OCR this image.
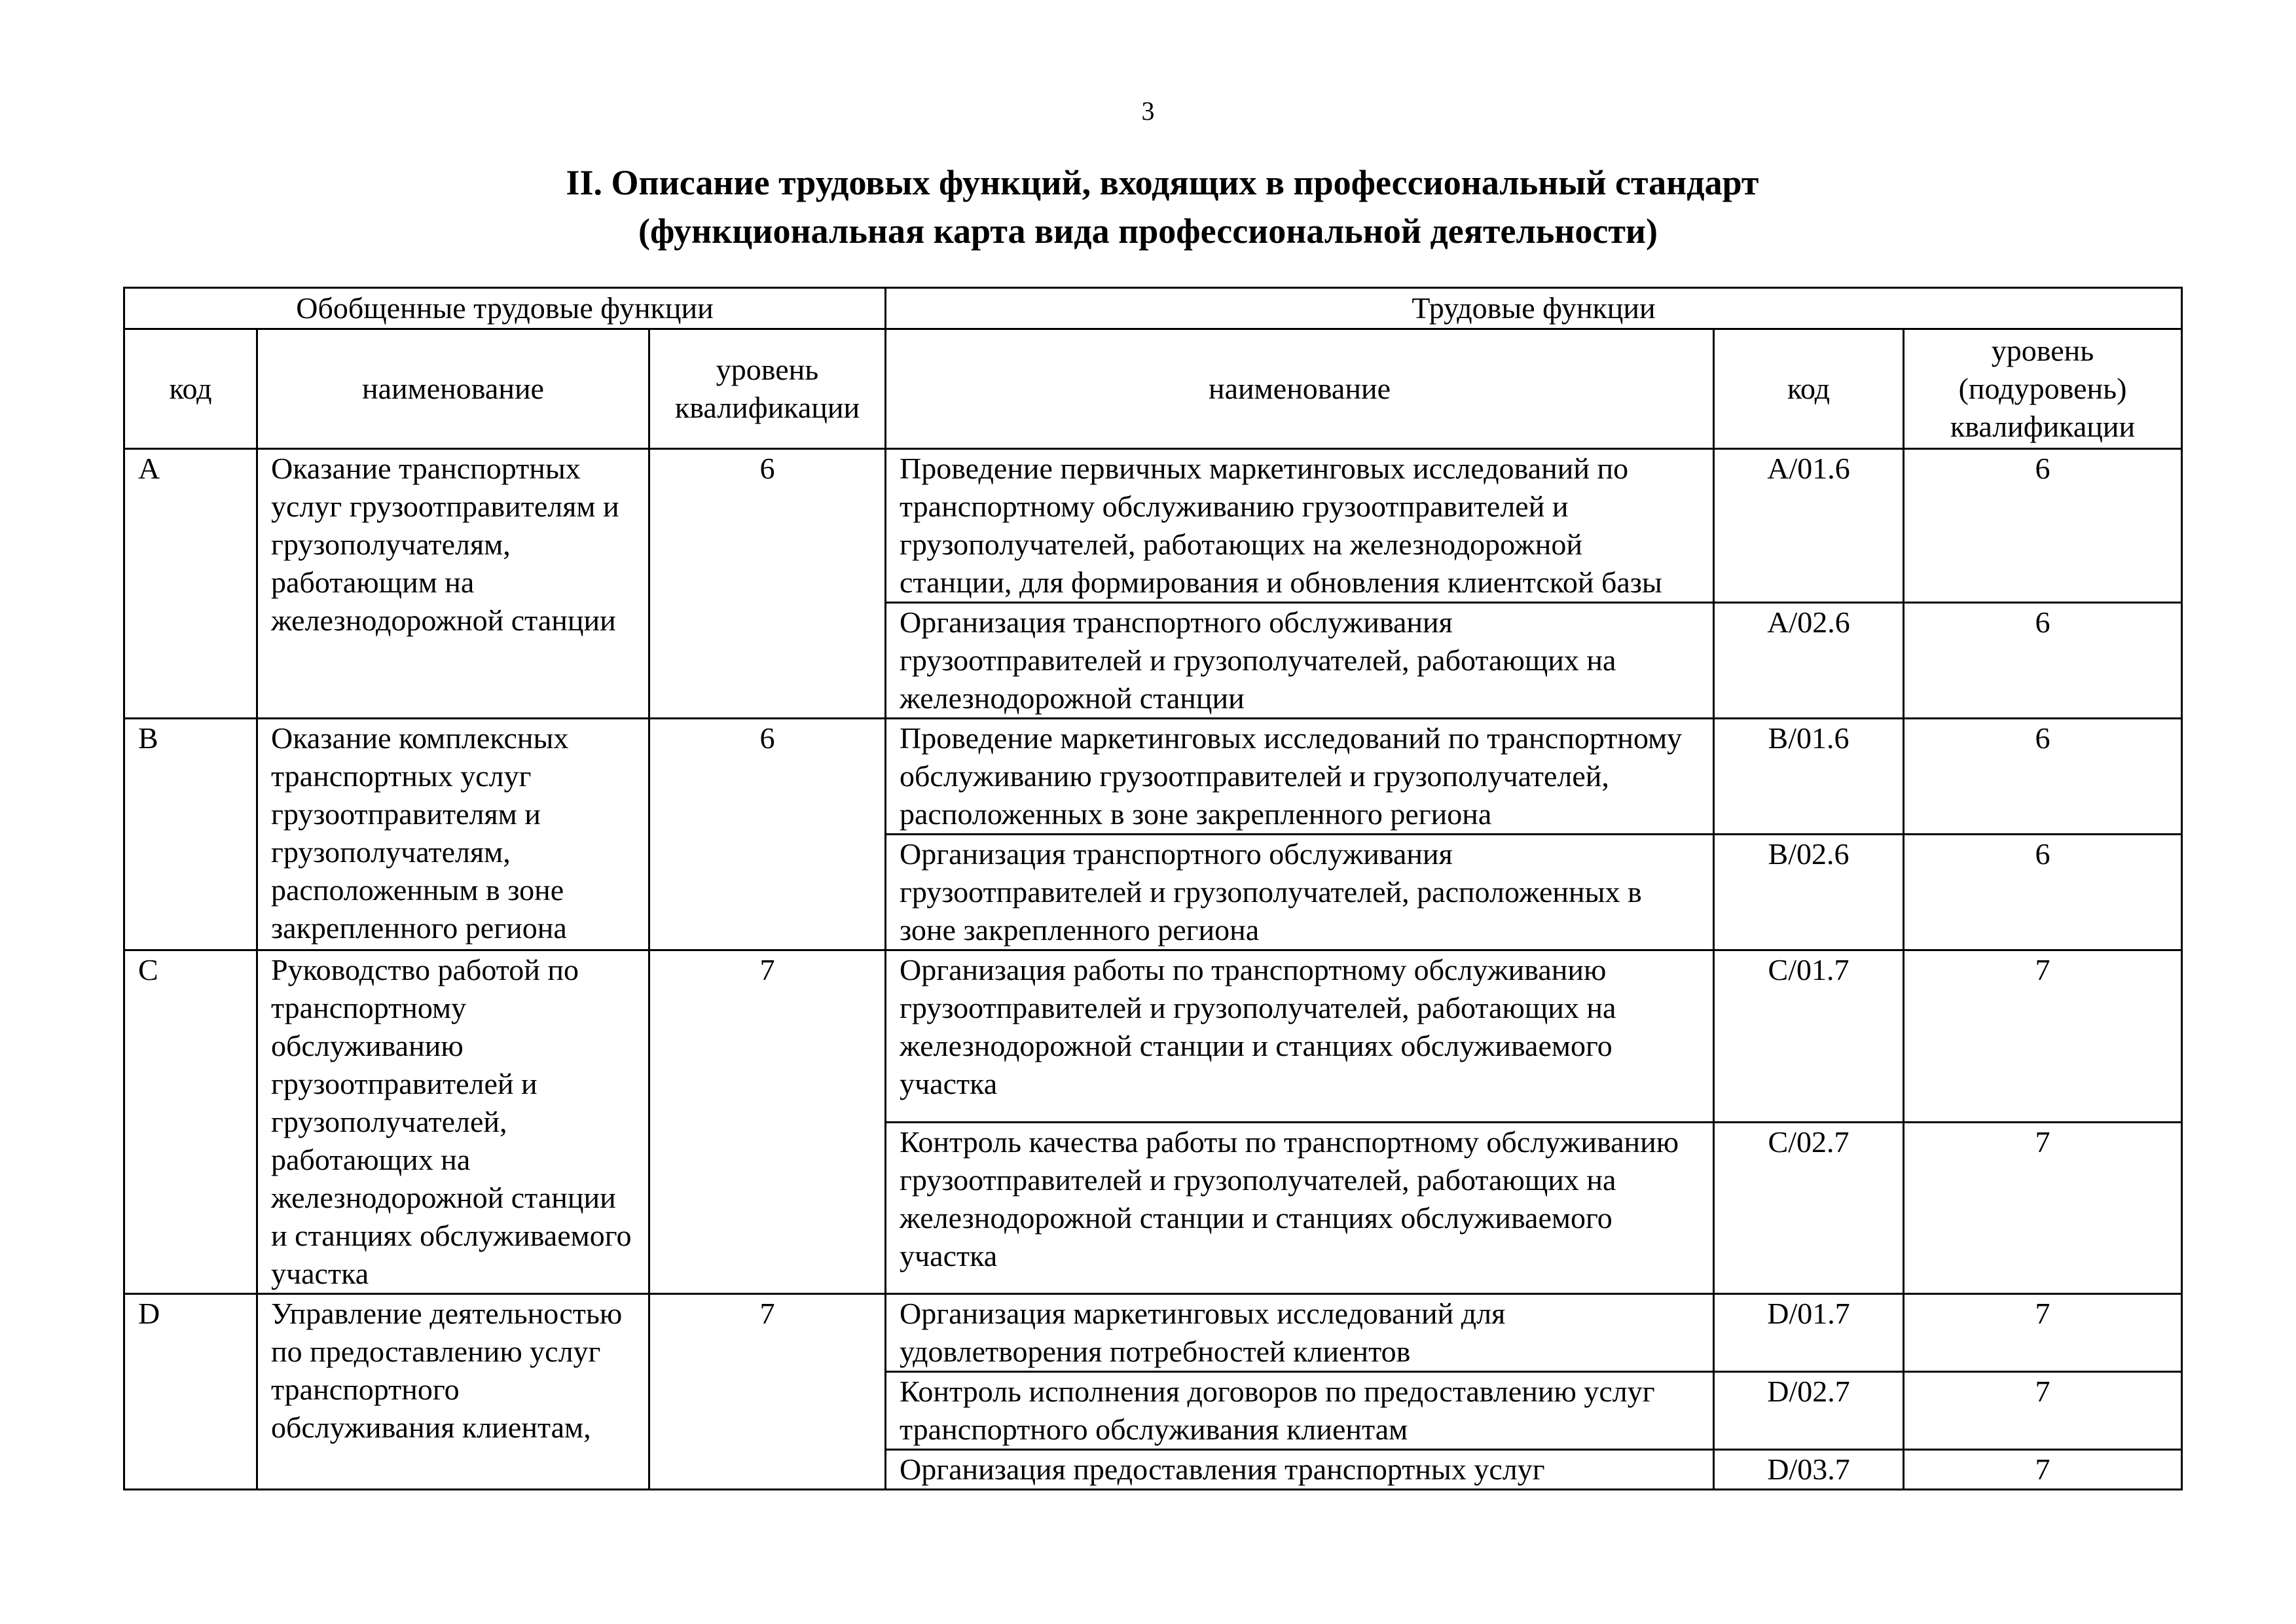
3
II. Описание трудовых функций, входящих в профессиональный стандарт
(функциональная карта вида профессиональной деятельности)
Обобщенные трудовые функции			Трудовые функции		
код	наименование	уровень квалификации	наименование	код	уровень (подуровень) квалификации
A	Оказание транспортных услуг грузоотправителям и грузополучателям, работающим на железнодорожной станции	6	Проведение первичных маркетинговых исследований по транспортному обслуживанию грузоотправителей и грузополучателей, работающих на железнодорожной станции, для формирования и обновления клиентской базы	A/01.6	6
			Организация транспортного обслуживания грузоотправителей и грузополучателей, работающих на железнодорожной станции	A/02.6	6
B	Оказание комплексных транспортных услуг грузоотправителям и грузополучателям, расположенным в зоне закрепленного региона	6	Проведение маркетинговых исследований по транспортному обслуживанию грузоотправителей и грузополучателей, расположенных в зоне закрепленного региона	B/01.6	6
			Организация транспортного обслуживания грузоотправителей и грузополучателей, расположенных в зоне закрепленного региона	B/02.6	6
C	Руководство работой по транспортному обслуживанию грузоотправителей и грузополучателей, работающих на железнодорожной станции и станциях обслуживаемого участка	7	Организация работы по транспортному обслуживанию грузоотправителей и грузополучателей, работающих на железнодорожной станции и станциях обслуживаемого участка	C/01.7	7
			Контроль качества работы по транспортному обслуживанию грузоотправителей и грузополучателей, работающих на железнодорожной станции и станциях обслуживаемого участка	C/02.7	7
D	Управление деятельностью по предоставлению услуг транспортного обслуживания клиентам,	7	Организация маркетинговых исследований для удовлетворения потребностей клиентов	D/01.7	7
			Контроль исполнения договоров по предоставлению услуг транспортного обслуживания клиентам	D/02.7	7
			Организация предоставления транспортных услуг	D/03.7	7
